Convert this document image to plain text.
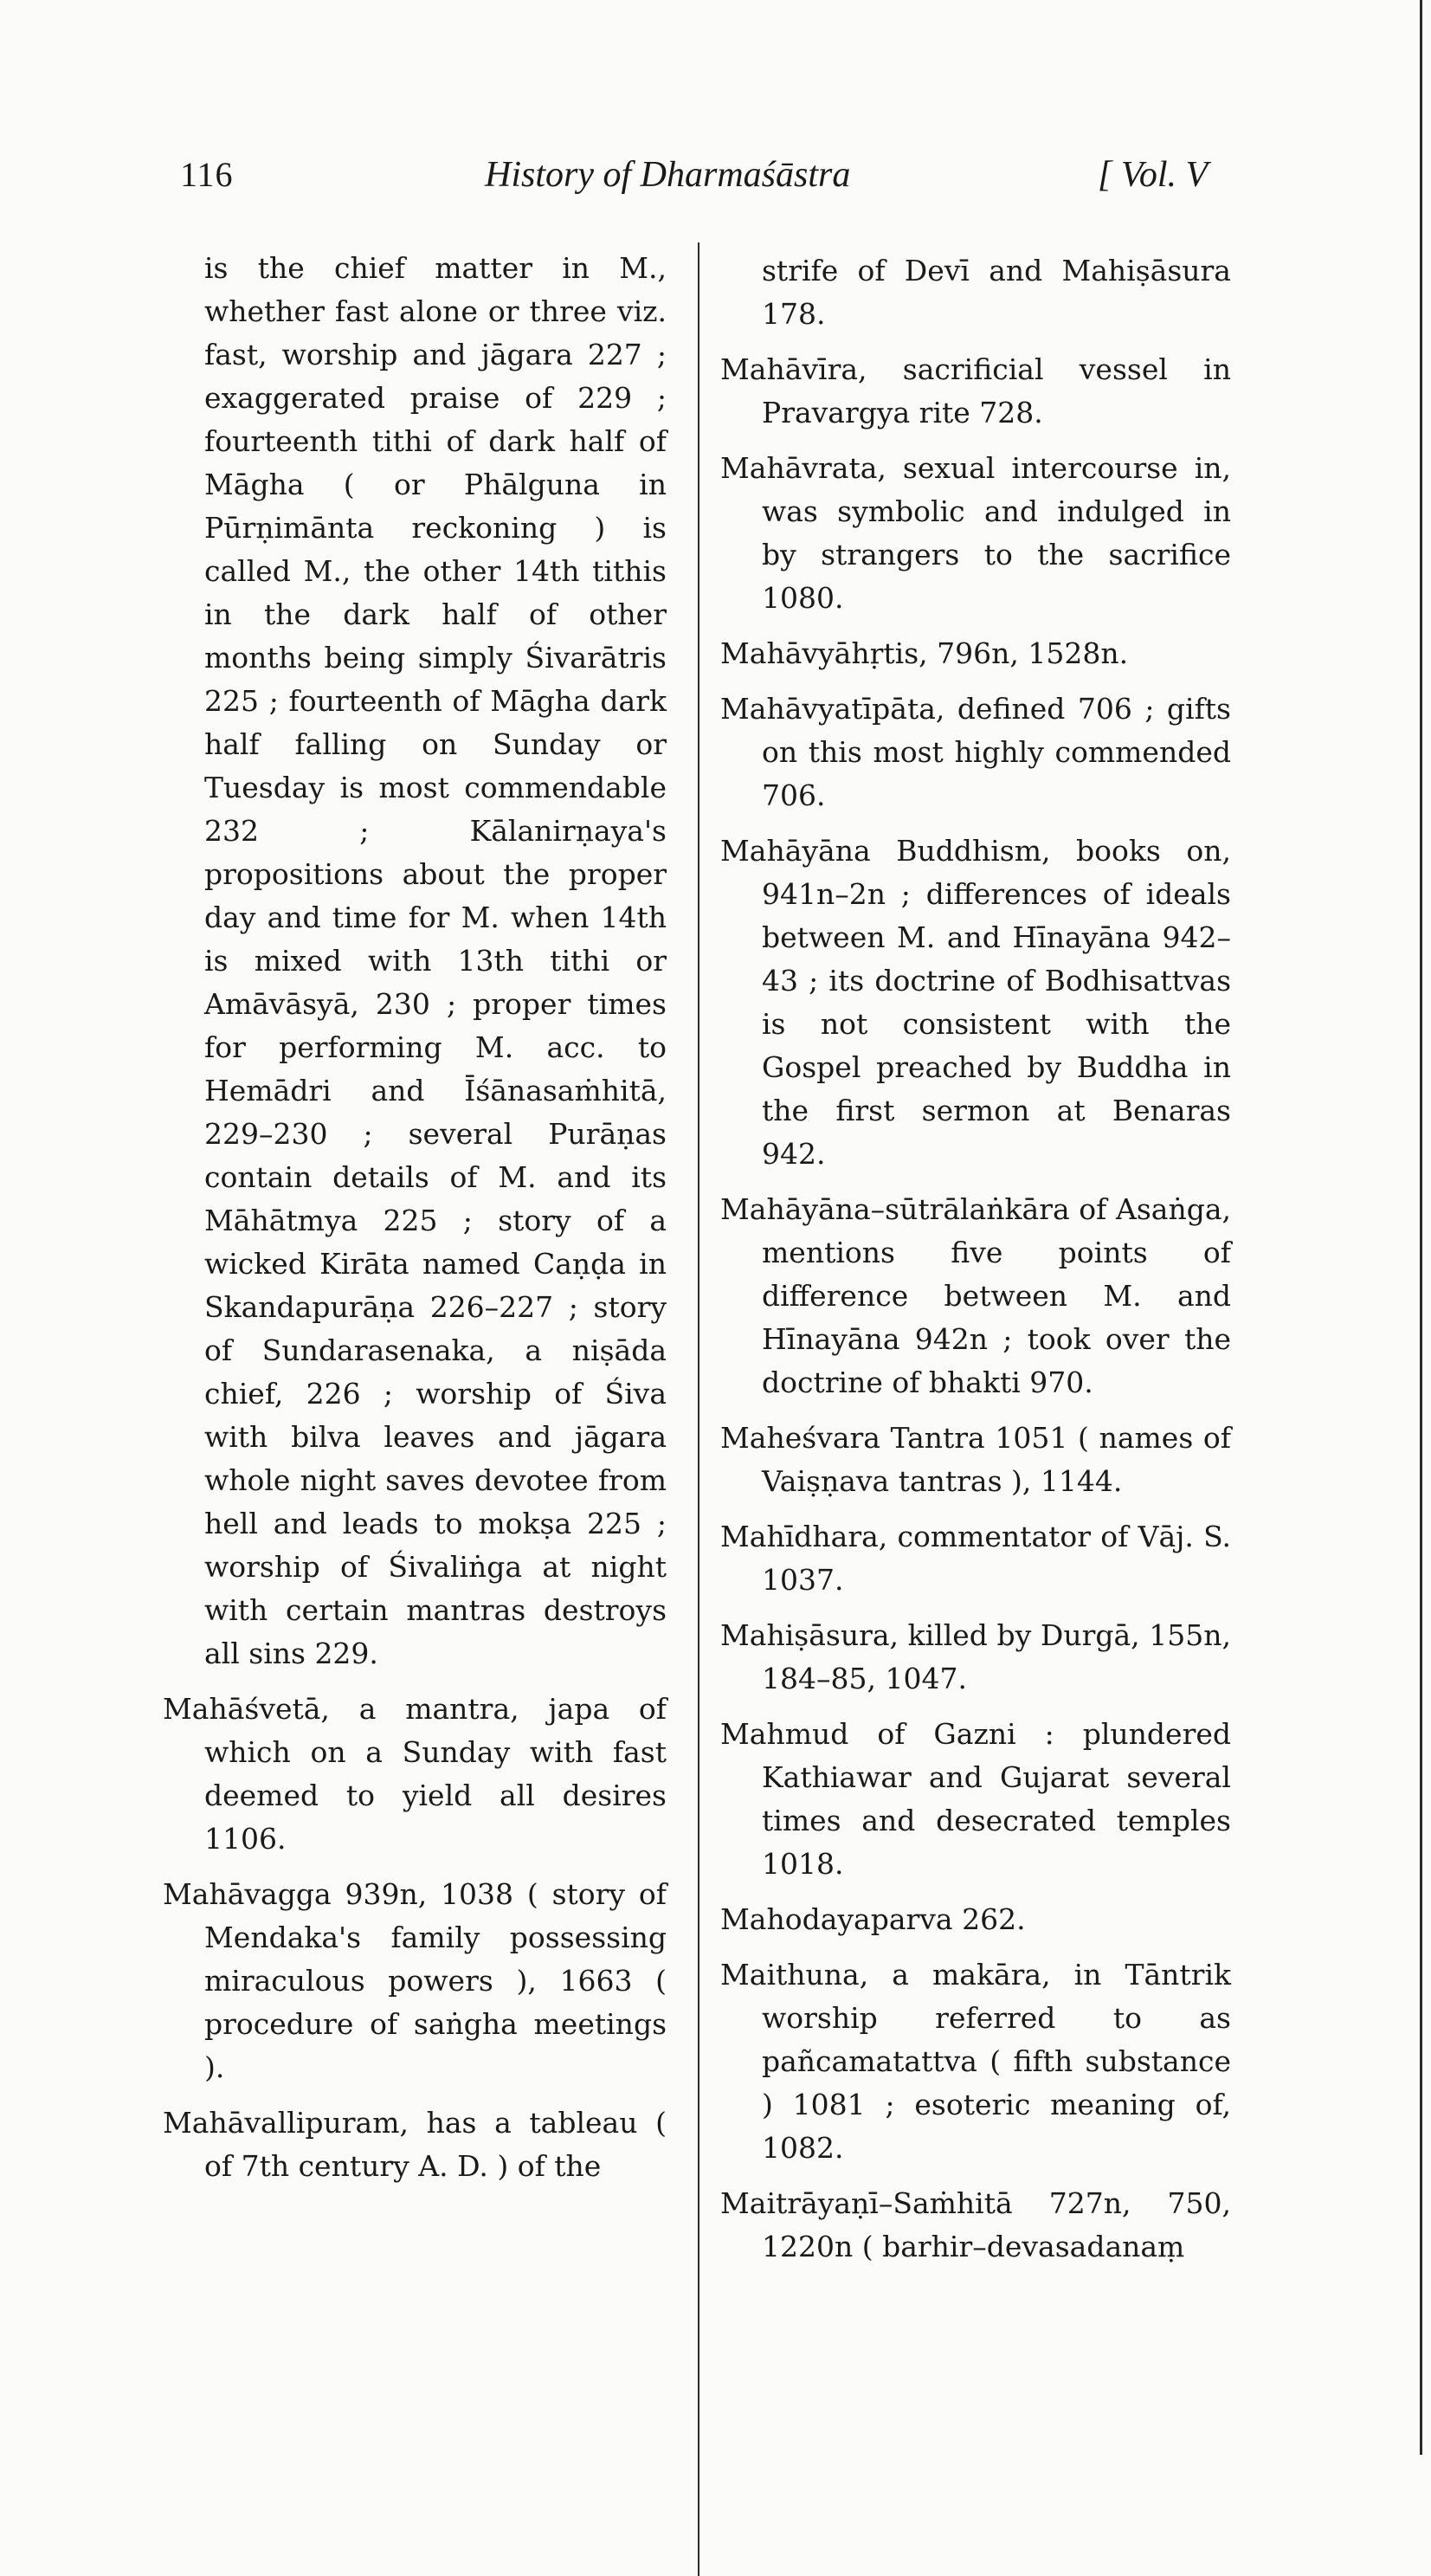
116	History of Dharmaśāstra	[ Vol. V

is the chief matter in M., whether fast alone or three viz. fast, worship and jāgara 227 ; exaggerated praise of 229 ; fourteenth tithi of dark half of Māgha ( or Phālguna in Pūrṇimānta reckoning ) is called M., the other 14th tithis in the dark half of other months being simply Śivarātris 225 ; fourteenth of Māgha dark half falling on Sunday or Tuesday is most commendable 232 ; Kālanirṇaya's propositions about the proper day and time for M. when 14th is mixed with 13th tithi or Amāvāsyā, 230 ; proper times for performing M. acc. to Hemādri and Īśānasaṁhitā, 229–230 ; several Purāṇas contain details of M. and its Māhātmya 225 ; story of a wicked Kirāta named Caṇḍa in Skandapurāṇa 226–227 ; story of Sundarasenaka, a niṣāda chief, 226 ; worship of Śiva with bilva leaves and jāgara whole night saves devotee from hell and leads to mokṣa 225 ; worship of Śivaliṅga at night with certain mantras destroys all sins 229.

Mahāśvetā, a mantra, japa of which on a Sunday with fast deemed to yield all desires 1106.

Mahāvagga 939n, 1038 ( story of Mendaka's family possessing miraculous powers ), 1663 ( procedure of saṅgha meetings ).

Mahāvallipuram, has a tableau ( of 7th century A. D. ) of the

strife of Devī and Mahiṣāsura 178.

Mahāvīra, sacrificial vessel in Pravargya rite 728.

Mahāvrata, sexual intercourse in, was symbolic and indulged in by strangers to the sacrifice 1080.

Mahāvyāhṛtis, 796n, 1528n.

Mahāvyatīpāta, defined 706 ; gifts on this most highly commended 706.

Mahāyāna Buddhism, books on, 941n–2n ; differences of ideals between M. and Hīnayāna 942–43 ; its doctrine of Bodhisattvas is not consistent with the Gospel preached by Buddha in the first sermon at Benaras 942.

Mahāyāna–sūtrālaṅkāra of Asaṅga, mentions five points of difference between M. and Hīnayāna 942n ; took over the doctrine of bhakti 970.

Maheśvara Tantra 1051 ( names of Vaiṣṇava tantras ), 1144.

Mahīdhara, commentator of Vāj. S. 1037.

Mahiṣāsura, killed by Durgā, 155n, 184–85, 1047.

Mahmud of Gazni : plundered Kathiawar and Gujarat several times and desecrated temples 1018.

Mahodayaparva 262.

Maithuna, a makāra, in Tāntrik worship referred to as pañcamatattva ( fifth substance ) 1081 ; esoteric meaning of, 1082.

Maitrāyaṇī–Saṁhitā 727n, 750, 1220n ( barhir–devasadanaṃ
